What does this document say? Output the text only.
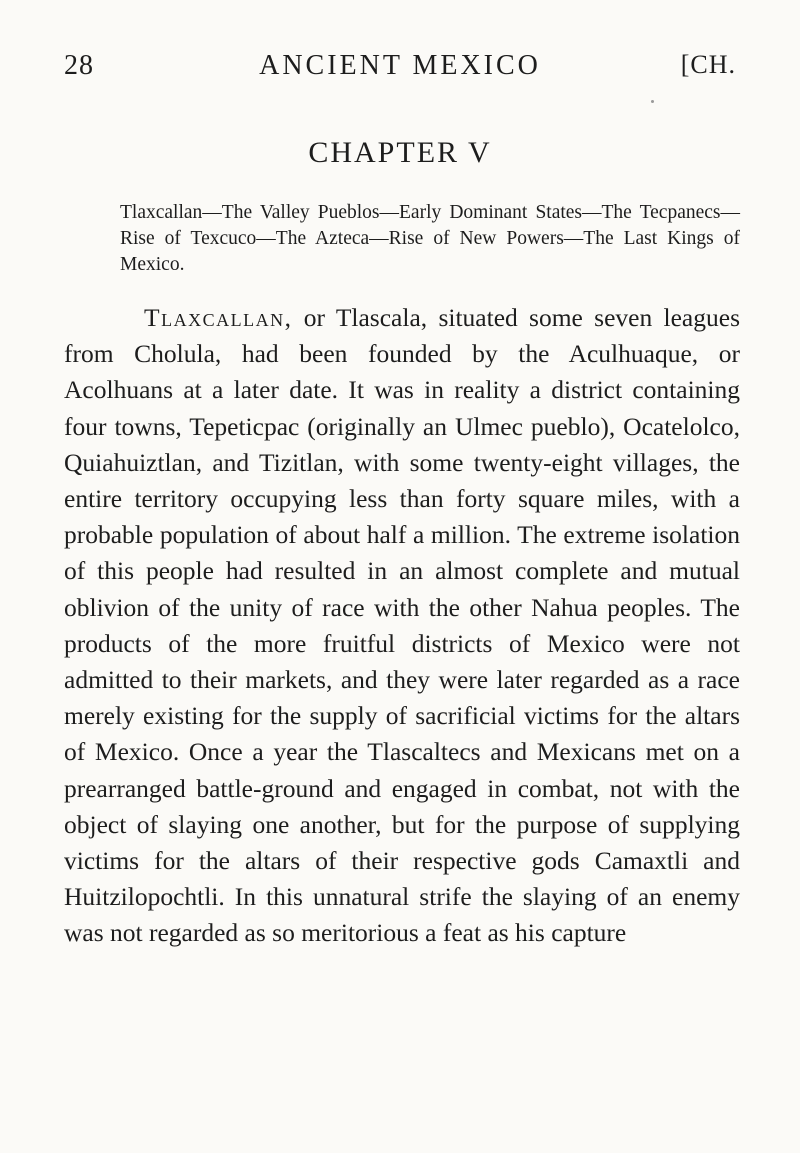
28	ANCIENT MEXICO	[CH.
CHAPTER V
Tlaxcallan—The Valley Pueblos—Early Dominant States—The Tecpanecs—Rise of Texcuco—The Azteca—Rise of New Powers—The Last Kings of Mexico.
Tlaxcallan, or Tlascala, situated some seven leagues from Cholula, had been founded by the Aculhuaque, or Acolhuans at a later date. It was in reality a district containing four towns, Tepeticpac (originally an Ulmec pueblo), Ocatelolco, Quiahuiztlan, and Tizitlan, with some twenty-eight villages, the entire territory occupying less than forty square miles, with a probable population of about half a million. The extreme isolation of this people had resulted in an almost complete and mutual oblivion of the unity of race with the other Nahua peoples. The products of the more fruitful districts of Mexico were not admitted to their markets, and they were later regarded as a race merely existing for the supply of sacrificial victims for the altars of Mexico. Once a year the Tlascaltecs and Mexicans met on a prearranged battle-ground and engaged in combat, not with the object of slaying one another, but for the purpose of supplying victims for the altars of their respective gods Camaxtli and Huitzilopochtli. In this unnatural strife the slaying of an enemy was not regarded as so meritorious a feat as his capture
